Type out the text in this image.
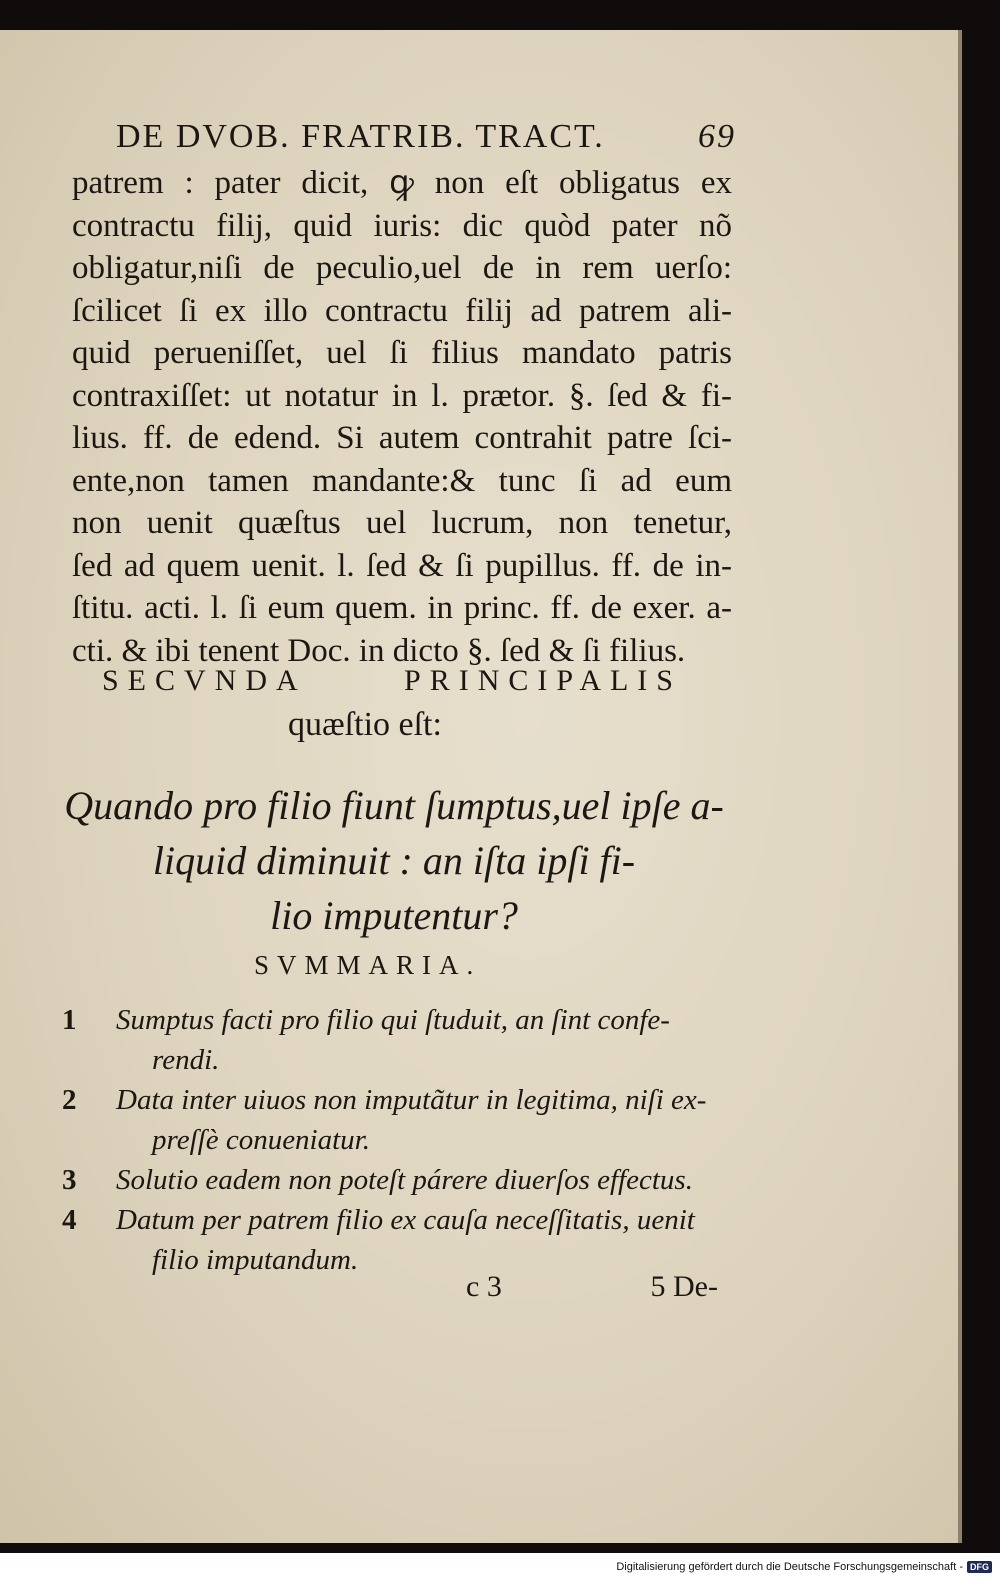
DE DVOB. FRATRIB. TRACT.	69
patrem : pater dicit, ꝙ non eſt obligatus ex
contractu filij, quid iuris: dic quòd pater nõ
obligatur,niſi de peculio,uel de in rem uerſo:
ſcilicet ſi ex illo contractu filij ad patrem ali-
quid perueniſſet, uel ſi filius mandato patris
contraxiſſet: ut notatur in l. prætor. §. ſed & fi-
lius. ff. de edend. Si autem contrahit patre ſci-
ente,non tamen mandante:& tunc ſi ad eum
non uenit quæſtus uel lucrum, non tenetur,
ſed ad quem uenit. l. ſed & ſi pupillus. ff. de in-
ſtitu. acti. l. ſi eum quem. in princ. ff. de exer. a-
cti. & ibi tenent Doc. in dicto §. ſed & ſi filius.
SECVNDA PRINCIPALIS
quæſtio eſt:
Quando pro filio fiunt ſumptus,uel ipſe a-
liquid diminuit : an iſta ipſi fi-
lio imputentur?
SVMMARIA.
1	Sumptus facti pro filio qui ſtuduit, an ſint confe-
rendi.
2	Data inter uiuos non imputãtur in legitima, niſi ex-
preſſè conueniatur.
3	Solutio eadem non poteſt párere diuerſos effectus.
4	Datum per patrem filio ex cauſa neceſſitatis, uenit
filio imputandum.
c 3	5 De-
Digitalisierung gefördert durch die Deutsche Forschungsgemeinschaft - DFG
